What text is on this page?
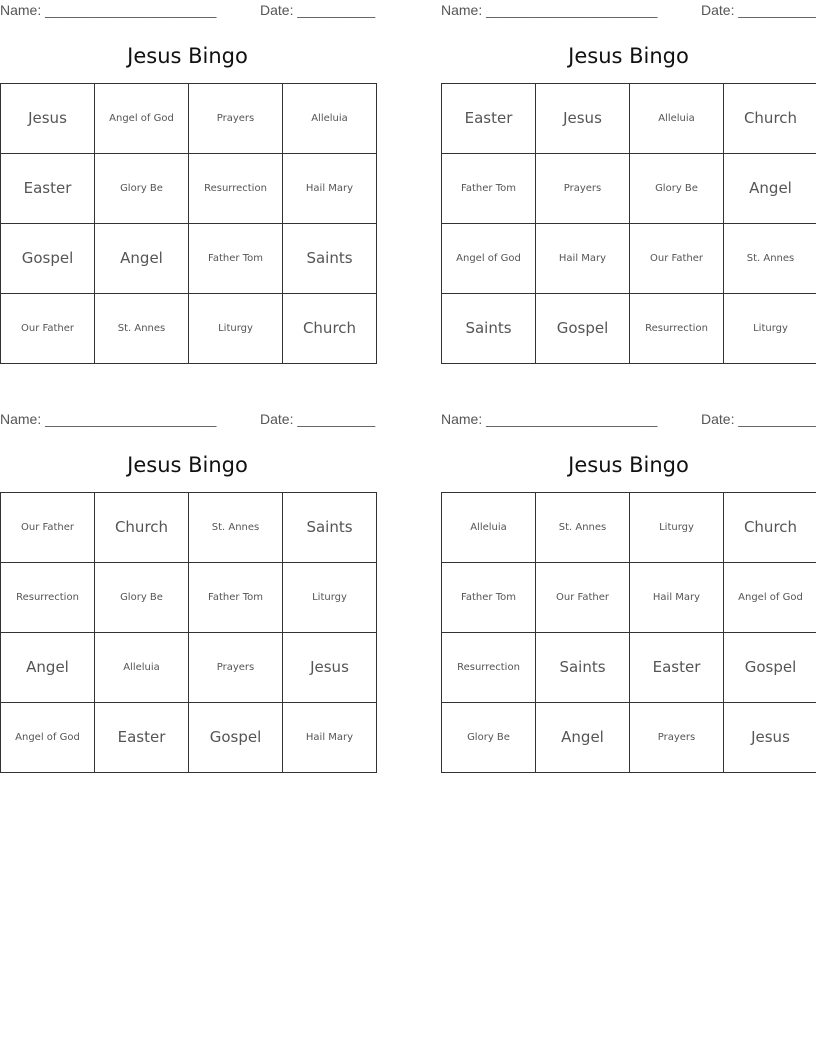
Name: ______________________	Date: __________
Jesus Bingo
Jesus	Angel of God	Prayers	Alleluia
Easter	Glory Be	Resurrection	Hail Mary
Gospel	Angel	Father Tom	Saints
Our Father	St. Annes	Liturgy	Church
Name: ______________________	Date: __________
Jesus Bingo
Easter	Jesus	Alleluia	Church
Father Tom	Prayers	Glory Be	Angel
Angel of God	Hail Mary	Our Father	St. Annes
Saints	Gospel	Resurrection	Liturgy
Name: ______________________	Date: __________
Jesus Bingo
Our Father	Church	St. Annes	Saints
Resurrection	Glory Be	Father Tom	Liturgy
Angel	Alleluia	Prayers	Jesus
Angel of God	Easter	Gospel	Hail Mary
Name: ______________________	Date: __________
Jesus Bingo
Alleluia	St. Annes	Liturgy	Church
Father Tom	Our Father	Hail Mary	Angel of God
Resurrection	Saints	Easter	Gospel
Glory Be	Angel	Prayers	Jesus
